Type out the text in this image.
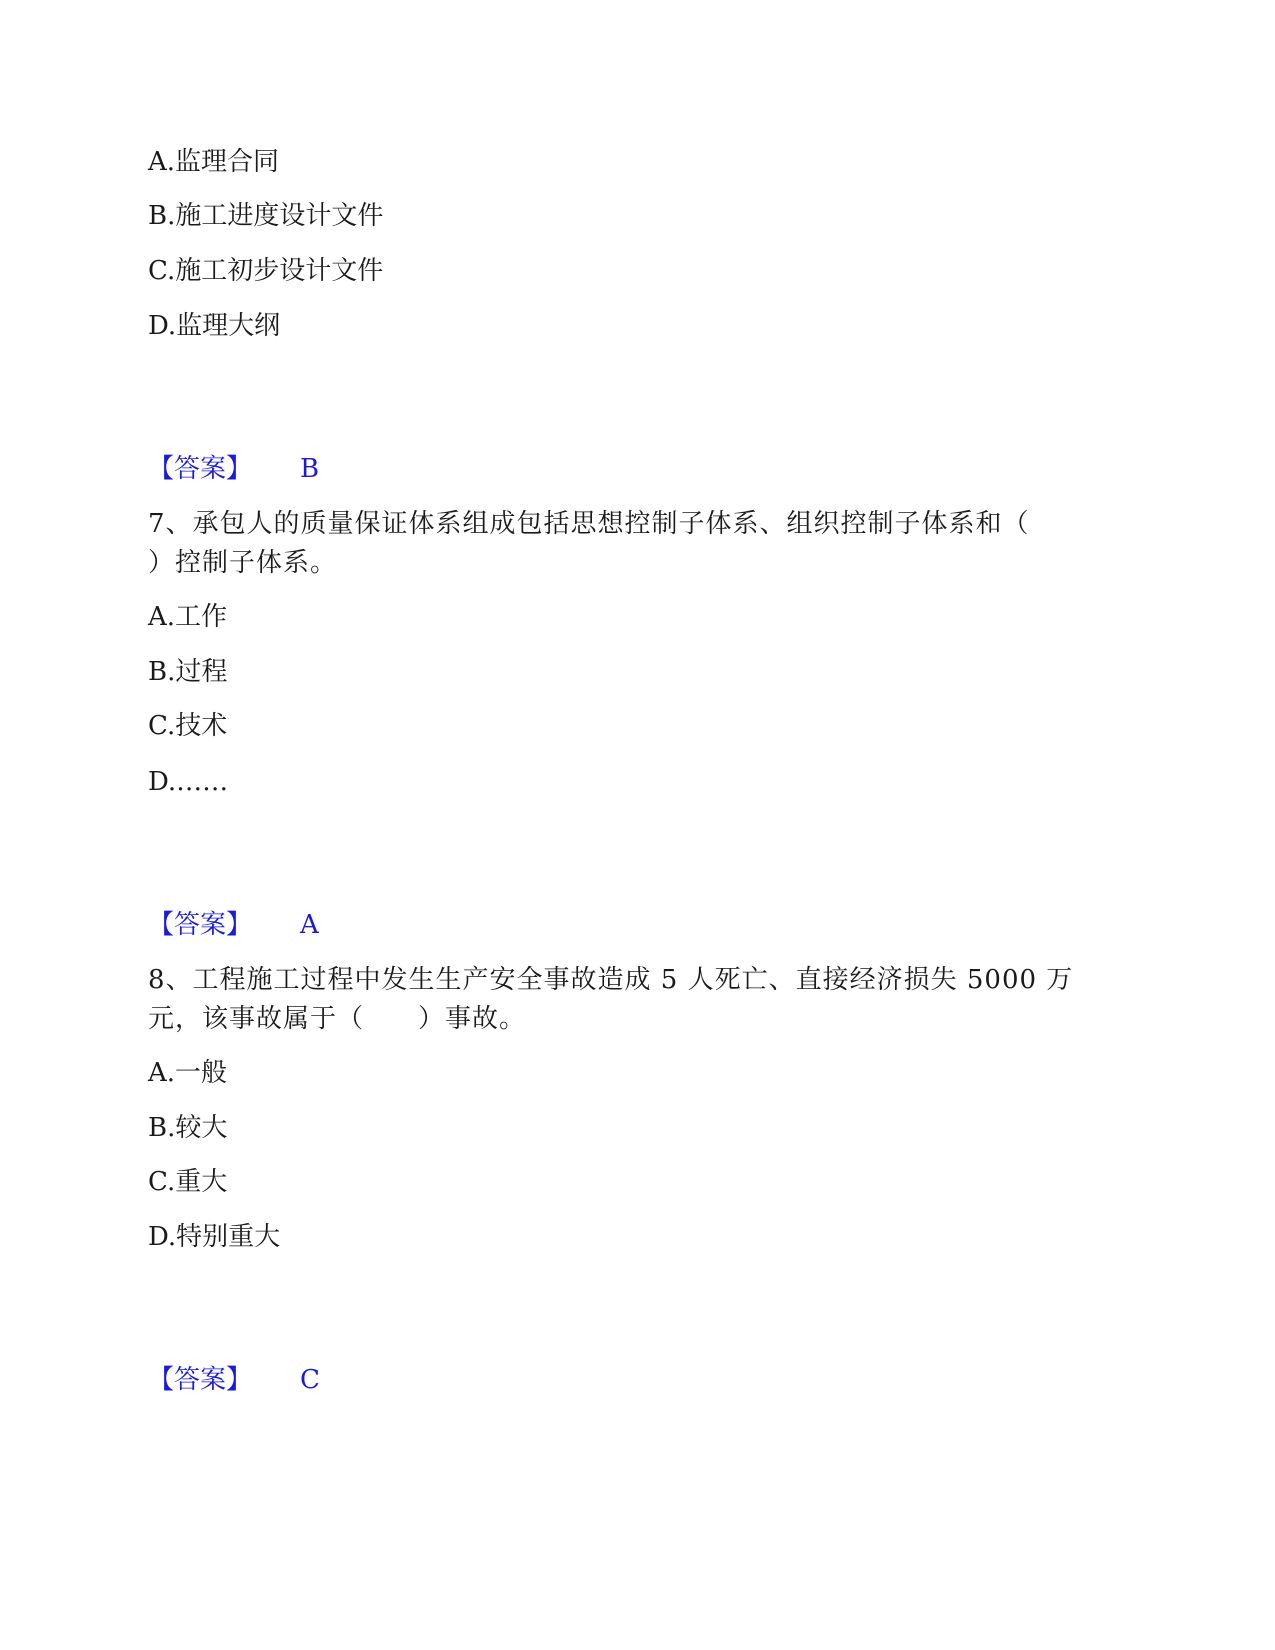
A.监理合同
B.施工进度设计文件
C.施工初步设计文件
D.监理大纲
【答案】 B
7、承包人的质量保证体系组成包括思想控制子体系、组织控制子体系和（
）控制子体系。
A.工作
B.过程
C.技术
D.……
【答案】 A
8、工程施工过程中发生生产安全事故造成 5 人死亡、直接经济损失 5000 万
元，该事故属于（　　）事故。
A.一般
B.较大
C.重大
D.特别重大
【答案】 C
